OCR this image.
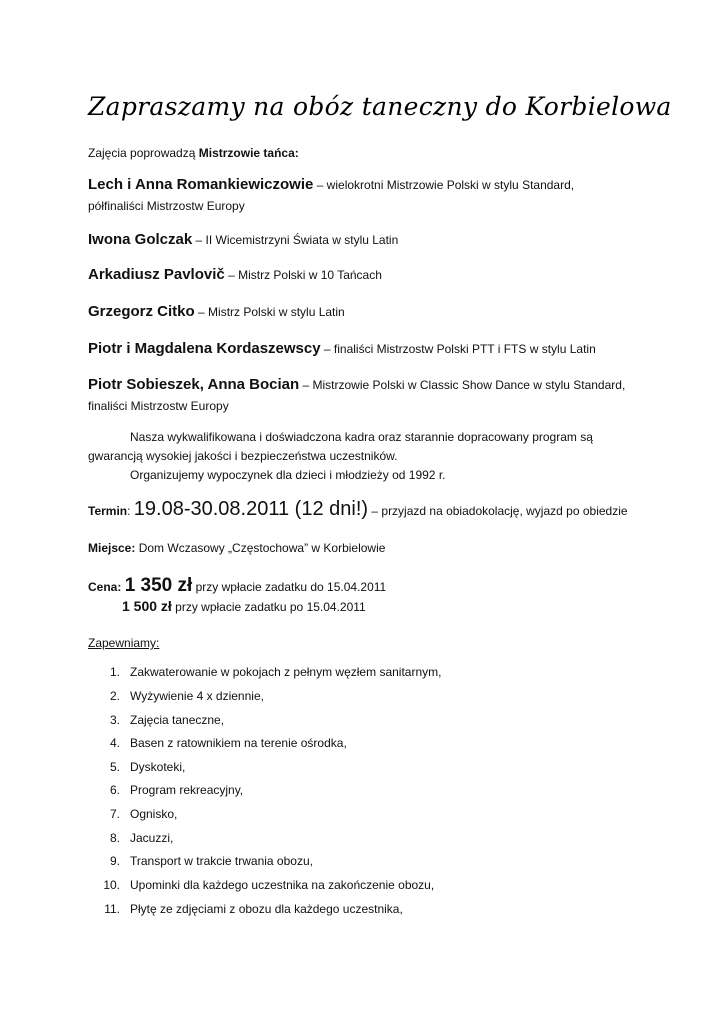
Zapraszamy na obóz taneczny do Korbielowa
Zajęcia poprowadzą Mistrzowie tańca:
Lech i Anna Romankiewiczowie – wielokrotni Mistrzowie Polski w stylu Standard,
półfinaliści Mistrzostw Europy
Iwona Golczak – II Wicemistrzyni Świata w stylu Latin
Arkadiusz Pavlovič – Mistrz Polski w 10 Tańcach
Grzegorz Citko – Mistrz Polski w stylu Latin
Piotr i Magdalena Kordaszewscy – finaliści Mistrzostw Polski PTT i FTS w stylu Latin
Piotr Sobieszek, Anna Bocian – Mistrzowie Polski w Classic Show Dance w stylu Standard,
finaliści Mistrzostw Europy
Nasza wykwalifikowana i doświadczona kadra oraz starannie dopracowany program są
gwarancją wysokiej jakości i bezpieczeństwa uczestników.
Organizujemy wypoczynek dla dzieci i młodzieży od 1992 r.
Termin: 19.08-30.08.2011 (12 dni!) – przyjazd na obiadokolację, wyjazd po obiedzie
Miejsce: Dom Wczasowy „Częstochowa” w Korbielowie
Cena: 1 350 zł przy wpłacie zadatku do 15.04.2011
1 500 zł przy wpłacie zadatku po 15.04.2011
Zapewniamy:
1. Zakwaterowanie w pokojach z pełnym węzłem sanitarnym,
2. Wyżywienie 4 x dziennie,
3. Zajęcia taneczne,
4. Basen z ratownikiem na terenie ośrodka,
5. Dyskoteki,
6. Program rekreacyjny,
7. Ognisko,
8. Jacuzzi,
9. Transport w trakcie trwania obozu,
10. Upominki dla każdego uczestnika na zakończenie obozu,
11. Płytę ze zdjęciami z obozu dla każdego uczestnika,
